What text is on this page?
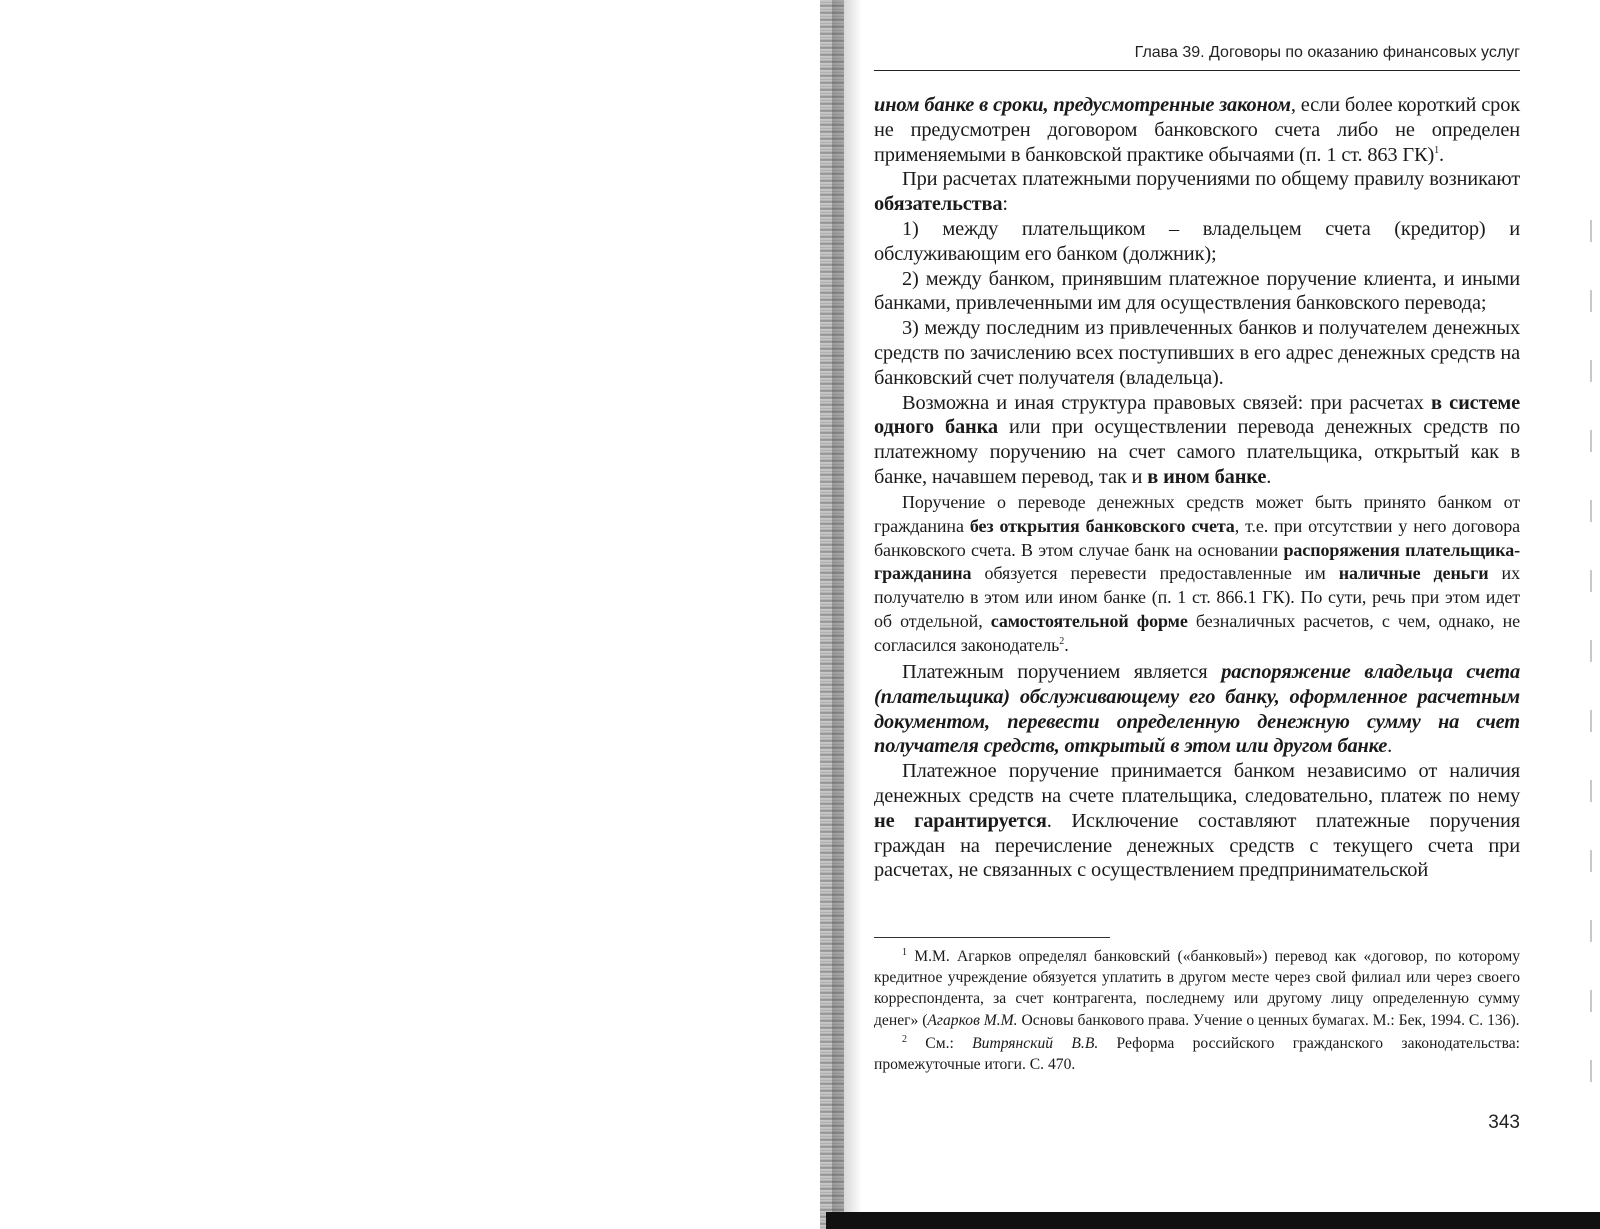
Глава 39. Договоры по оказанию финансовых услуг

ином банке в сроки, предусмотренные законом, если более короткий срок не предусмотрен договором банковского счета либо не определен применяемыми в банковской практике обычаями (п. 1 ст. 863 ГК)$^1$.

При расчетах платежными поручениями по общему правилу возникают обязательства:

1) между плательщиком – владельцем счета (кредитор) и обслуживающим его банком (должник);

2) между банком, принявшим платежное поручение клиента, и иными банками, привлеченными им для осуществления банковского перевода;

3) между последним из привлеченных банков и получателем денежных средств по зачислению всех поступивших в его адрес денежных средств на банковский счет получателя (владельца).

Возможна и иная структура правовых связей: при расчетах в системе одного банка или при осуществлении перевода денежных средств по платежному поручению на счет самого плательщика, открытый как в банке, начавшем перевод, так и в ином банке.

Поручение о переводе денежных средств может быть принято банком от гражданина без открытия банковского счета, т.е. при отсутствии у него договора банковского счета. В этом случае банк на основании распоряжения плательщика-гражданина обязуется перевести предоставленные им наличные деньги их получателю в этом или ином банке (п. 1 ст. 866.1 ГК). По сути, речь при этом идет об отдельной, самостоятельной форме безналичных расчетов, с чем, однако, не согласился законодатель$^2$.

Платежным поручением является распоряжение владельца счета (плательщика) обслуживающему его банку, оформленное расчетным документом, перевести определенную денежную сумму на счет получателя средств, открытый в этом или другом банке.

Платежное поручение принимается банком независимо от наличия денежных средств на счете плательщика, следовательно, платеж по нему не гарантируется. Исключение составляют платежные поручения граждан на перечисление денежных средств с текущего счета при расчетах, не связанных с осуществлением предпринимательской

$^1$ М.М. Агарков определял банковский («банковый») перевод как «договор, по которому кредитное учреждение обязуется уплатить в другом месте через свой филиал или через своего корреспондента, за счет контрагента, последнему или другому лицу определенную сумму денег» (Агарков М.М. Основы банкового права. Учение о ценных бумагах. М.: Бек, 1994. С. 136).

$^2$ См.: Витрянский В.В. Реформа российского гражданского законодательства: промежуточные итоги. С. 470.

343
